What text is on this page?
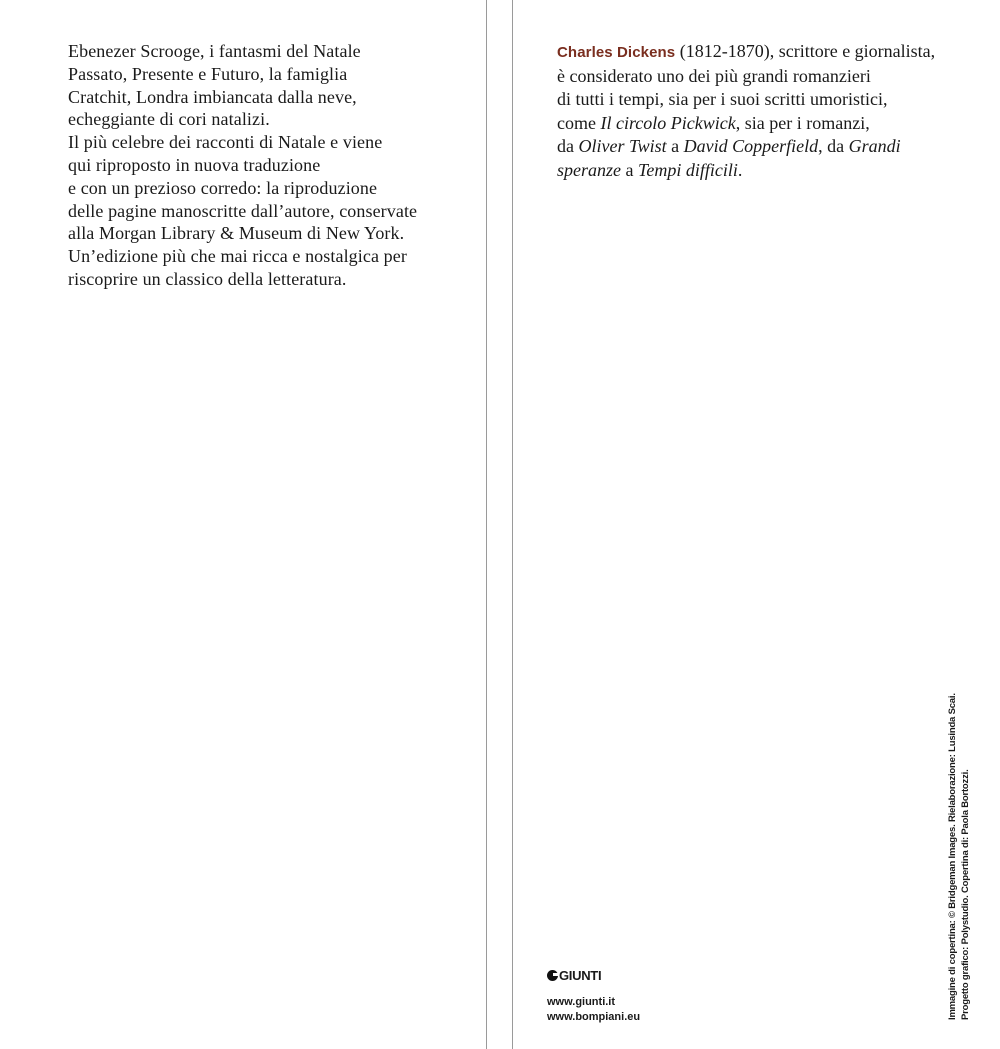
Ebenezer Scrooge, i fantasmi del Natale

Passato, Presente e Futuro, la famiglia

Cratchit, Londra imbiancata dalla neve,

echeggiante di cori natalizi.

Il più celebre dei racconti di Natale e viene

qui riproposto in nuova traduzione

e con un prezioso corredo: la riproduzione

delle pagine manoscritte dall’autore, conservate

alla Morgan Library & Museum di New York.

Un’edizione più che mai ricca e nostalgica per

riscoprire un classico della letteratura.

Charles Dickens (1812-1870), scrittore e giornalista,

è considerato uno dei più grandi romanzieri

di tutti i tempi, sia per i suoi scritti umoristici,

come Il circolo Pickwick, sia per i romanzi,

da Oliver Twist a David Copperfield, da Grandi

speranze a Tempi difficili.

GIUNTI
www.giunti.it
www.bompiani.eu	Immagine di copertina: © Bridgeman Images. Rielaborazione: Lusinda Scai. Progetto grafico: Polystudio. Copertina di: Paola Bortozzi.
